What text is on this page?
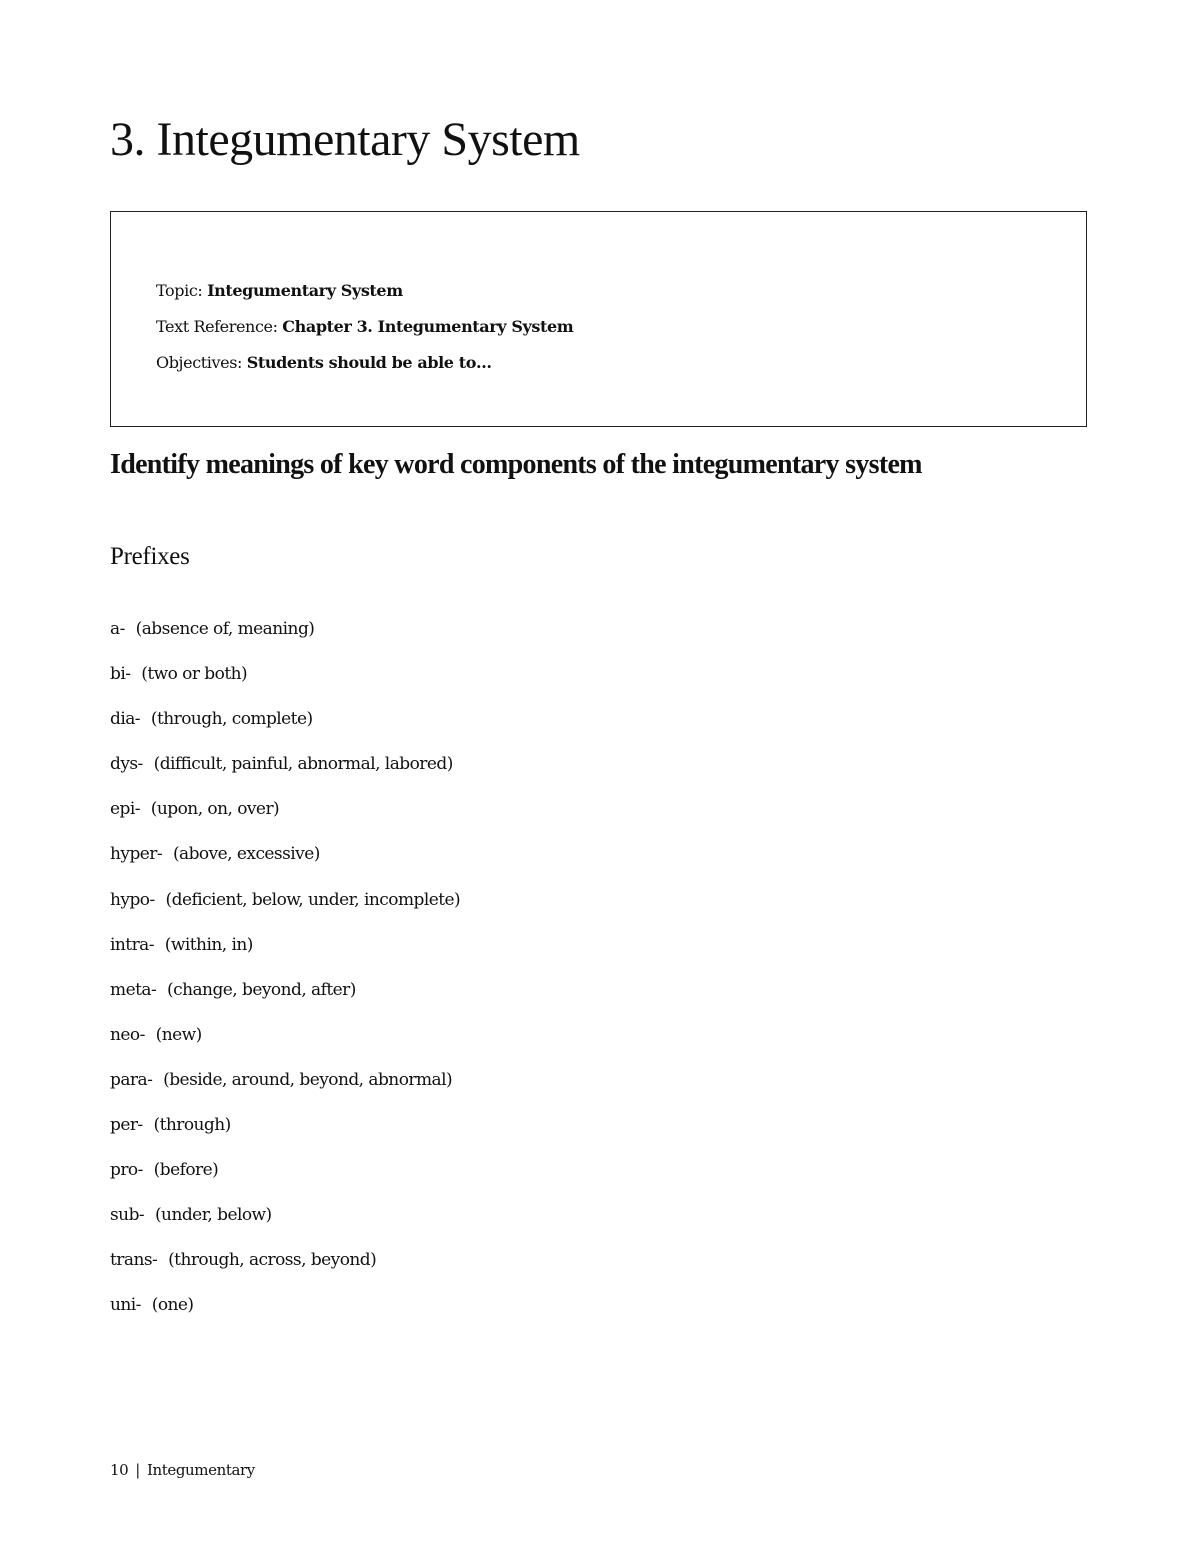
3. Integumentary System

Topic: Integumentary System

Text Reference: Chapter 3. Integumentary System

Objectives: Students should be able to…

Identify meanings of key word components of the integumentary system
Prefixes
a- (absence of, meaning)
bi- (two or both)
dia- (through, complete)
dys- (difficult, painful, abnormal, labored)
epi- (upon, on, over)
hyper- (above, excessive)
hypo- (deficient, below, under, incomplete)
intra- (within, in)
meta- (change, beyond, after)
neo- (new)
para- (beside, around, beyond, abnormal)
per- (through)
pro- (before)
sub- (under, below)
trans- (through, across, beyond)
uni- (one)
10 | Integumentary
